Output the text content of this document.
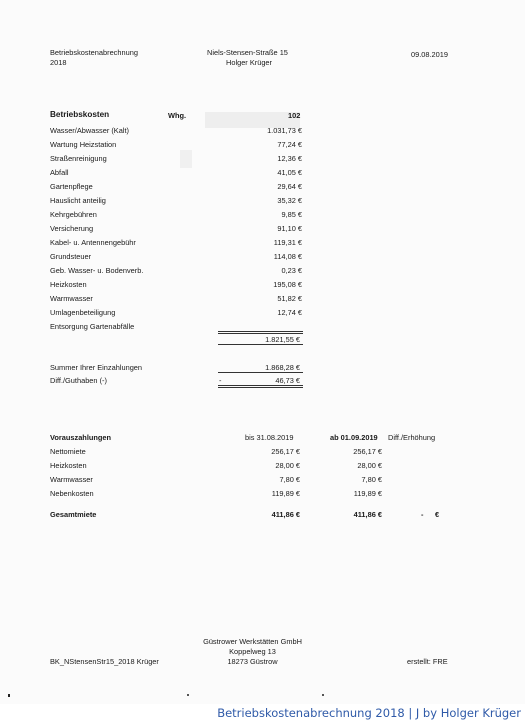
Betriebskostenabrechnung
2018
Niels-Stensen-Straße 15
Holger Krüger
09.08.2019
Betriebskosten	Whg.	102
Wasser/Abwasser (Kalt)	1.031,73 €
Wartung Heizstation	77,24 €
Straßenreinigung	12,36 €
Abfall	41,05 €
Gartenpflege	29,64 €
Hauslicht anteilig	35,32 €
Kehrgebühren	9,85 €
Versicherung	91,10 €
Kabel- u. Antennengebühr	119,31 €
Grundsteuer	114,08 €
Geb. Wasser- u. Bodenverb.	0,23 €
Heizkosten	195,08 €
Warmwasser	51,82 €
Umlagenbeteiligung	12,74 €
Entsorgung Gartenabfälle
1.821,55 €
Summer Ihrer Einzahlungen	1.868,28 €
Diff./Guthaben (-)	-	46,73 €
Vorauszahlungen	bis 31.08.2019	ab 01.09.2019 Diff./Erhöhung
Nettomiete	256,17 €	256,17 €
Heizkosten	28,00 €	28,00 €
Warmwasser	7,80 €	7,80 €
Nebenkosten	119,89 €	119,89 €
Gesamtmiete	411,86 €	411,86 €	- €
Güstrower Werkstätten GmbH
Koppelweg 13
18273 Güstrow
BK_NStensenStr15_2018 Krüger	erstellt: FRE
Betriebskostenabrechnung 2018 | J by Holger Krüger
